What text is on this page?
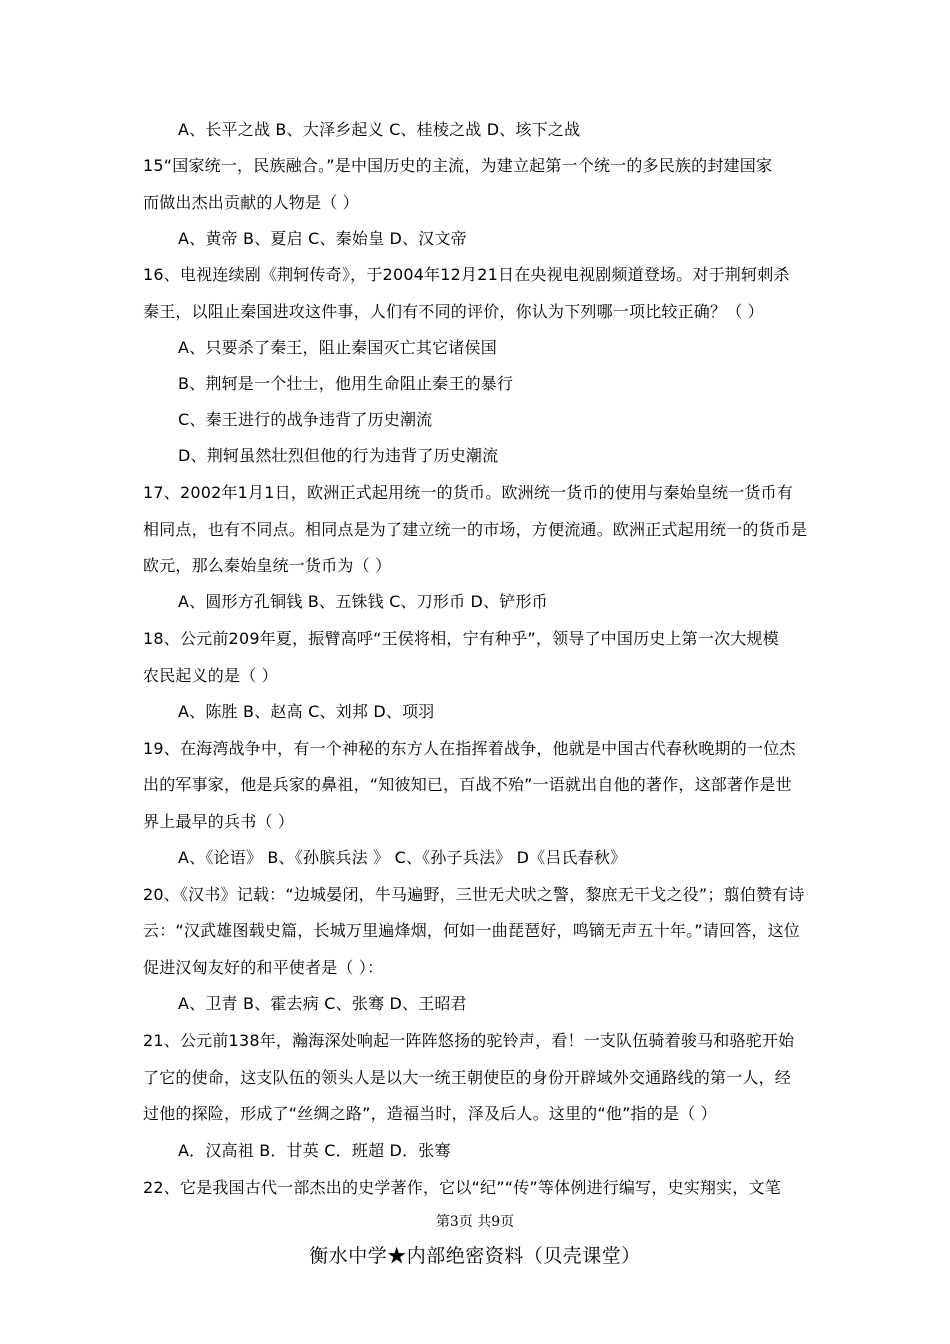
A、长平之战 B、大泽乡起义 C、桂棱之战 D、垓下之战
15“国家统一，民族融合。”是中国历史的主流，为建立起第一个统一的多民族的封建国家
而做出杰出贡献的人物是（ ）
A、黄帝 B、夏启 C、秦始皇 D、汉文帝
16、电视连续剧《荆轲传奇》，于2004年12月21日在央视电视剧频道登场。对于荆轲刺杀
秦王，以阻止秦国进攻这件事，人们有不同的评价，你认为下列哪一项比较正确？（ ）
A、只要杀了秦王，阻止秦国灭亡其它诸侯国
B、荆轲是一个壮士，他用生命阻止秦王的暴行
C、秦王进行的战争违背了历史潮流
D、荆轲虽然壮烈但他的行为违背了历史潮流
17、2002年1月1日，欧洲正式起用统一的货币。欧洲统一货币的使用与秦始皇统一货币有
相同点，也有不同点。相同点是为了建立统一的市场，方便流通。欧洲正式起用统一的货币是
欧元，那么秦始皇统一货币为（ ）
A、圆形方孔铜钱 B、五铢钱 C、刀形币 D、铲形币
18、公元前209年夏，振臂高呼“王侯将相，宁有种乎”，领导了中国历史上第一次大规模
农民起义的是（ ）
A、陈胜 B、赵高 C、刘邦 D、项羽
19、在海湾战争中，有一个神秘的东方人在指挥着战争，他就是中国古代春秋晚期的一位杰
出的军事家，他是兵家的鼻祖，“知彼知已，百战不殆”一语就出自他的著作，这部著作是世
界上最早的兵书（ ）
A、《论语》 B、《孙膑兵法 》 C、《孙子兵法》 D《吕氏春秋》
20、《汉书》记载：“边城晏闭，牛马遍野，三世无犬吠之警，黎庶无干戈之役”；翦伯赞有诗
云：“汉武雄图载史篇，长城万里遍烽烟，何如一曲琵琶好，鸣镝无声五十年。”请回答，这位
促进汉匈友好的和平使者是（ ）：
A、卫青 B、霍去病 C、张骞 D、王昭君
21、公元前138年，瀚海深处响起一阵阵悠扬的驼铃声，看！一支队伍骑着骏马和骆驼开始
了它的使命，这支队伍的领头人是以大一统王朝使臣的身份开辟域外交通路线的第一人，经
过他的探险，形成了“丝绸之路”，造福当时，泽及后人。这里的“他”指的是（ ）
A．汉高祖 B．甘英 C．班超 D．张骞
22、它是我国古代一部杰出的史学著作，它以“纪”“传”等体例进行编写，史实翔实，文笔
第3页 共9页
衡水中学★内部绝密资料（贝壳课堂）
